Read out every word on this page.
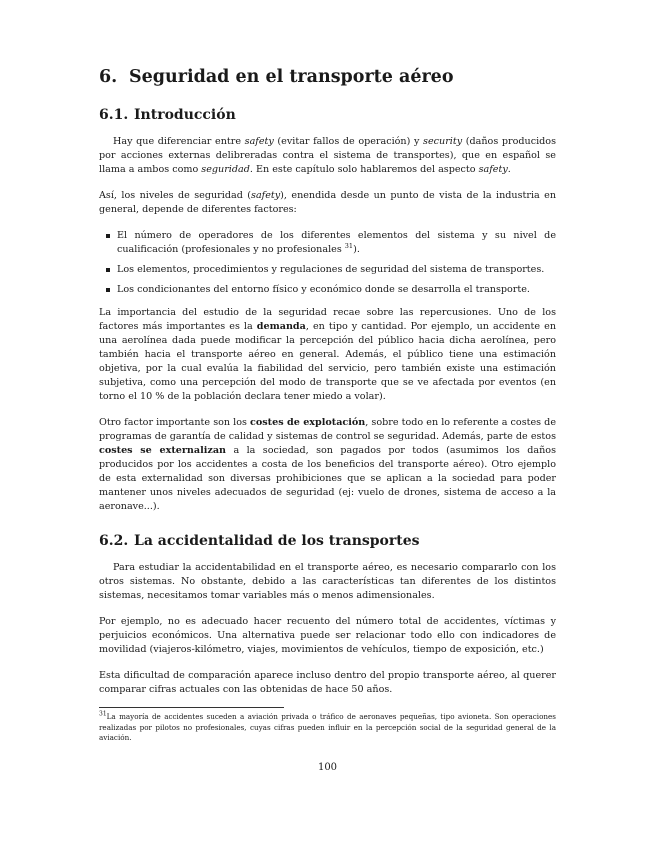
6. Seguridad en el transporte aéreo
6.1. Introducción

Hay que diferenciar entre safety (evitar fallos de operación) y security (daños producidos por acciones externas delibreradas contra el sistema de transportes), que en español se llama a ambos como seguridad. En este capítulo solo hablaremos del aspecto safety.

Así, los niveles de seguridad (safety), enendida desde un punto de vista de la industria en general, depende de diferentes factores:

El número de operadores de los diferentes elementos del sistema y su nivel de cualificación (profesionales y no profesionales $^{31}$).
Los elementos, procedimientos y regulaciones de seguridad del sistema de transportes.
Los condicionantes del entorno físico y económico donde se desarrolla el transporte.

La importancia del estudio de la seguridad recae sobre las repercusiones. Uno de los factores más importantes es la demanda, en tipo y cantidad. Por ejemplo, un accidente en una aerolínea dada puede modificar la percepción del público hacia dicha aerolínea, pero también hacia el transporte aéreo en general. Además, el público tiene una estimación objetiva, por la cual evalúa la fiabilidad del servicio, pero también existe una estimación subjetiva, como una percepción del modo de transporte que se ve afectada por eventos (en torno el 10 % de la población declara tener miedo a volar).

Otro factor importante son los costes de explotación, sobre todo en lo referente a costes de programas de garantía de calidad y sistemas de control se seguridad. Además, parte de estos costes se externalizan a la sociedad, son pagados por todos (asumimos los daños producidos por los accidentes a costa de los beneficios del transporte aéreo). Otro ejemplo de esta externalidad son diversas prohibiciones que se aplican a la sociedad para poder mantener unos niveles adecuados de seguridad (ej: vuelo de drones, sistema de acceso a la aeronave...).

6.2. La accidentalidad de los transportes

Para estudiar la accidentabilidad en el transporte aéreo, es necesario compararlo con los otros sistemas. No obstante, debido a las características tan diferentes de los distintos sistemas, necesitamos tomar variables más o menos adimensionales.

Por ejemplo, no es adecuado hacer recuento del número total de accidentes, víctimas y perjuicios económicos. Una alternativa puede ser relacionar todo ello con indicadores de movilidad (viajeros-kilómetro, viajes, movimientos de vehículos, tiempo de exposición, etc.)

Esta dificultad de comparación aparece incluso dentro del propio transporte aéreo, al querer comparar cifras actuales con las obtenidas de hace 50 años.

$^{31}$La mayoría de accidentes suceden a aviación privada o tráfico de aeronaves pequeñas, tipo avioneta. Son operaciones realizadas por pilotos no profesionales, cuyas cifras pueden influir en la percepción social de la seguridad general de la aviación.
100
